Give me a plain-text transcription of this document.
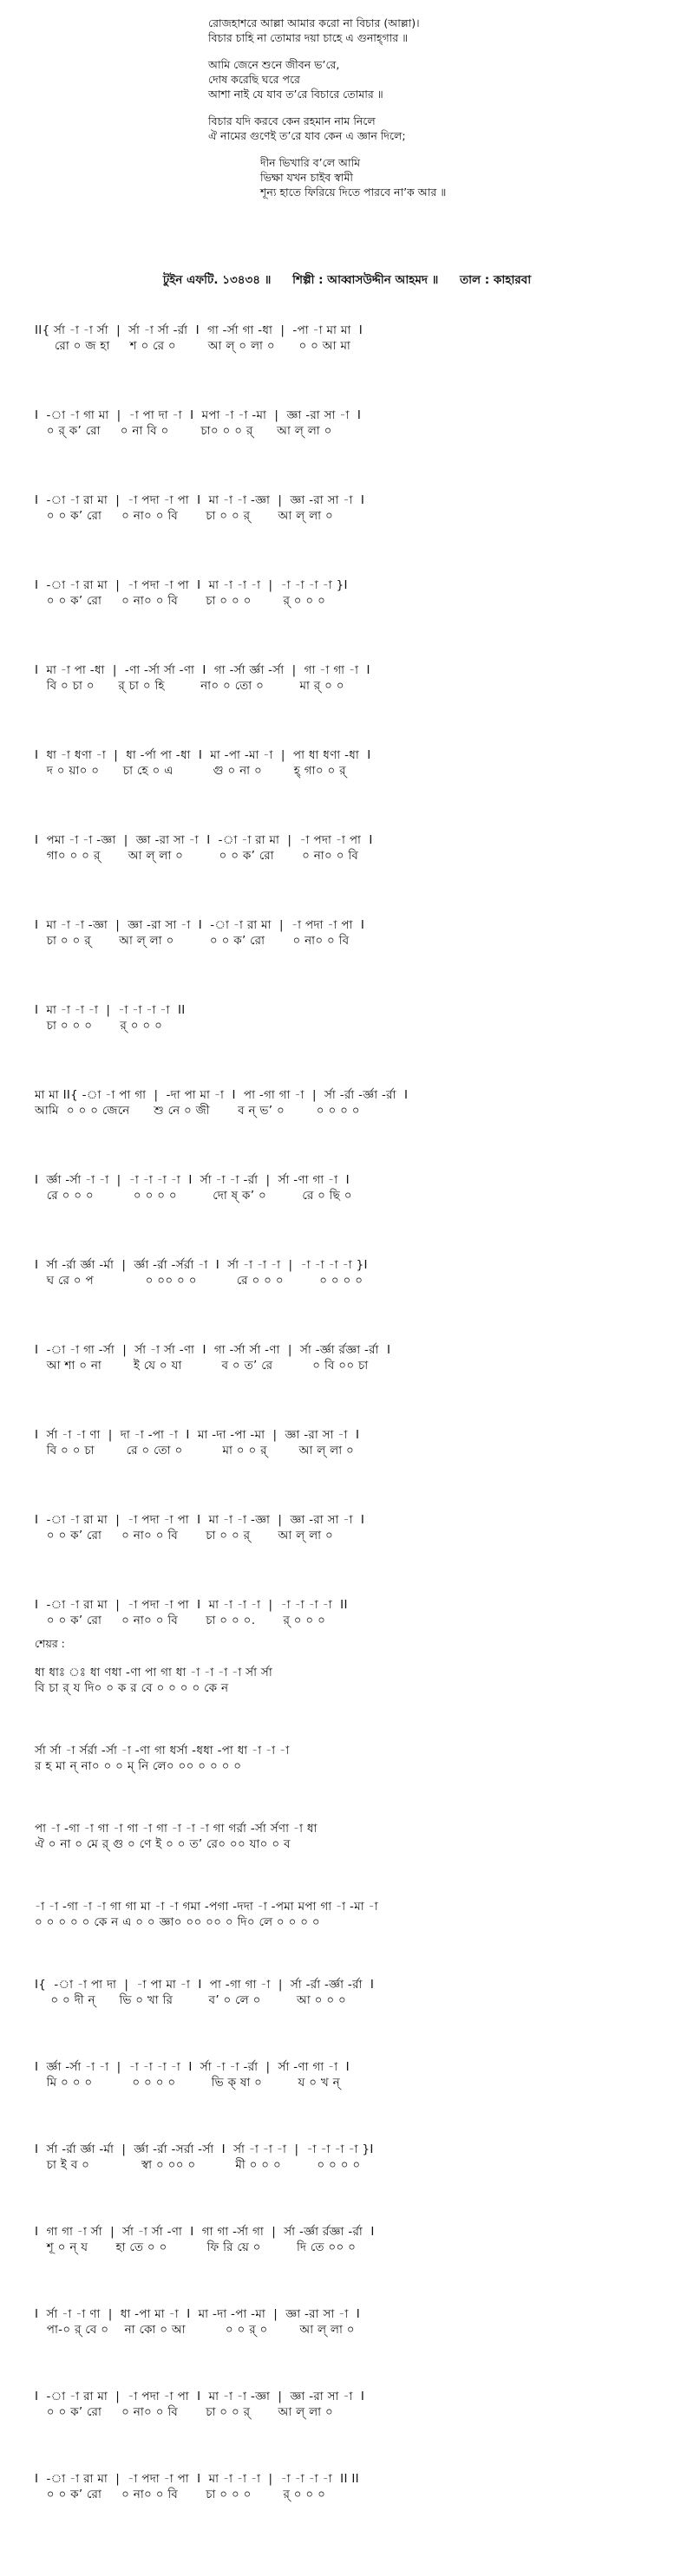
রোজহাশরে আল্লা আমার করো না বিচার (আল্লা)।
বিচার চাহি না তোমার দয়া চাহে এ গুনাহ্‌গার ॥
আমি জেনে শুনে জীবন ভ’রে,
দোষ করেছি ঘরে পরে
আশা নাই যে যাব ত’রে বিচারে তোমার ॥
বিচার যদি করবে কেন রহমান নাম নিলে
ঐ নামের গুণেই ত’রে যাব কেন এ জ্ঞান দিলে;
দীন ভিখারি ব’লে আমি
ভিক্ষা যখন চাইব স্বামী
শূন্য হাতে ফিরিয়ে দিতে পারবে না’ক আর ॥
টুইন এফটি. ১৩৪৩৪ ॥ শিল্পী : আব্বাসউদ্দীন আহমদ ॥ তাল : কাহারবা
II{ র্সা -া -া র্সা  |  র্সা -া র্সা -র্রা  I  গা -র্সা গা -ধা  |  -পা -া মা মা  I
রো ০ জ হা     শ ০ রে ০        আ ল্ ০ লা ০      ০ ০ আ মা
I  -া -া গা মা  |  -া পা দা -া  I  মপা -া -া -মা  |  জ্ঞা -রা সা -া  I
০ র্ ক’ রো     ০ না বি ০        চা০ ০ ০ র্      আ ল্ লা ০
I  -া -া রা মা  |  -া পদা -া পা  I  মা -া -া -জ্ঞা  |  জ্ঞা -রা সা -া  I
০ ০ ক’ রো     ০ না০ ০ বি       চা ০ ০ র্       আ ল্ লা ০
I  -া -া রা মা  |  -া পদা -া পা  I  মা -া -া -া  |  -া -া -া -া }I
০ ০ ক’ রো     ০ না০ ০ বি       চা ০ ০ ০        র্ ০ ০ ০
I  মা -া পা -ধা  |  -ণা -র্সা র্সা -ণা  I  গা -র্সা র্জ্ঞা -র্সা  |  গা -া গা -া  I
বি ০ চা ০      র্ চা ০ হি         না০ ০ তো ০         মা র্ ০ ০
I  ধা -া ধণা -া  |  ধা -র্পা পা -ধা  I  মা -পা -মা -া  |  পা ধা ধণা -ধা  I
দ ০ য়া০ ০      চা হে ০ এ          গু ০ না ০        হ্ গা০ ০ র্
I  পমা -া -া -জ্ঞা  |  জ্ঞা -রা সা -া  I  -া -া রা মা  |  -া পদা -া পা  I
গা০ ০ ০ র্       আ ল্ লা ০         ০ ০ ক’ রো       ০ না০ ০ বি
I  মা -া -া -জ্ঞা  |  জ্ঞা -রা সা -া  I  -া -া রা মা  |  -া পদা -া পা  I
চা ০ ০ র্       আ ল্ লা ০         ০ ০ ক’ রো       ০ না০ ০ বি
I  মা -া -া -া  |  -া -া -া -া  II
চা ০ ০ ০       র্ ০ ০ ০
মা মা II{ -া -া পা গা  |  -দা পা মা -া  I  পা -গা গা -া  |  র্সা -র্রা -র্জ্ঞা -র্রা  I
আমি  ০ ০ ০ জেনে      শু নে ০ জী       ব ন্ ভ’ ০        ০ ০ ০ ০
I  র্জ্ঞা -র্সা -া -া  |  -া -া -া -া  I  র্সা -া -া -র্রা  |  র্সা -ণা গা -া  I
রে ০ ০ ০          ০ ০ ০ ০         দো ষ্ ক’ ০         রে ০ ছি ০
I  র্সা -র্রা র্জ্ঞা -র্মা  |  র্জ্ঞা -র্রা -র্সর্রা -া  I  র্সা -া -া -া  |  -া -া -া -া }I
ঘ রে ০ প             ০ ০০ ০ ০          রে ০ ০ ০         ০ ০ ০ ০
I  -া -া গা -র্সা  |  র্সা -া র্সা -ণা  I  গা -র্সা র্সা -ণা  |  র্সা -র্জ্ঞা র্রজ্ঞা -র্রা  I
আ শা ০ না        ই যে ০ যা          ব ০ ত’ রে          ০ বি ০০ চা
I  র্সা -া -া ণা  |  দা -া -পা -া  I  মা -দা -পা -মা  |  জ্ঞা -রা সা -া  I
বি ০ ০ চা        রে ০ তো ০          মা ০ ০ র্        আ ল্ লা ০
I  -া -া রা মা  |  -া পদা -া পা  I  মা -া -া -জ্ঞা  |  জ্ঞা -রা সা -া  I
০ ০ ক’ রো     ০ না০ ০ বি       চা ০ ০ র্       আ ল্ লা ০
I  -া -া রা মা  |  -া পদা -া পা  I  মা -া -া -া  |  -া -া -া -া  II
০ ০ ক’ রো     ০ না০ ০ বি       চা ০ ০ ০.       র্ ০ ০ ০
ধা ধাঃ ঃ ধা ণধা -ণা পা গা ধা -া -া -া -া র্সা র্সা
বি চা র্ য দি০ ০ ক র বে ০ ০ ০ ০ কে ন
র্সা র্সা -া র্সর্রা -র্সা -া -ণা গা ধর্সা -ধধা -পা ধা -া -া -া
র হ মা ন্ না০ ০ ০ ম্ নি লে০ ০০ ০ ০ ০ ০
পা -া -গা -া গা -া গা -া গা -া -া -া গা গর্রা -র্সা র্সণা -া ধা
ঐ ০ না ০ মে র্ গু ০ ণে ই ০ ০ ত’ রে০ ০০ যা০ ০ ব
-া -া -গা -া -া গা গা মা -া -া গমা -পগা -দদা -া -পমা মপা গা -া -মা -া
০ ০ ০ ০ ০ কে ন এ ০ ০ জ্ঞা০ ০০ ০০ ০ দি০ লে ০ ০ ০ ০
I{  -া -া পা দা  |  -া পা মা -া  I  পা -গা গা -া  |  র্সা -র্রা -র্জ্ঞা -র্রা  I
০ ০ দী ন্      ভি ০ খা রি         ব’ ০ লে ০         আ ০ ০ ০
I  র্জ্ঞা -র্সা -া -া  |  -া -া -া -া  I  র্সা -া -া -র্রা  |  র্সা -ণা গা -া  I
মি ০ ০ ০          ০ ০ ০ ০         ভি ক্ ষা ০         য ০ খ ন্
I  র্সা -র্রা র্জ্ঞা -র্মা  |  র্জ্ঞা -র্রা -সর্রা -র্সা  I  র্সা -া -া -া  |  -া -া -া -া }I
চা ই ব ০             স্বা ০ ০০ ০          মী ০ ০ ০         ০ ০ ০ ০
I  গা গা -া র্সা  |  র্সা -া র্সা -ণা  I  গা গা -র্সা গা  |  র্সা -র্জ্ঞা র্রজ্ঞা -র্রা  I
শূ ০ ন্ য       হা তে ০ ০          ফি রি য়ে ০         দি তে ০০ ০
I  র্সা -া -া ণা  |  ধা -পা মা -া  I  মা -দা -পা -মা  |  জ্ঞা -রা সা -া  I
পা-০ র্ বে ০    না কো ০ আ          ০ ০ র্ ০        আ ল্ লা ০
I  -া -া রা মা  |  -া পদা -া পা  I  মা -া -া -জ্ঞা  |  জ্ঞা -রা সা -া  I
০ ০ ক’ রো     ০ না০ ০ বি       চা ০ ০ র্       আ ল্ লা ০
I  -া -া রা মা  |  -া পদা -া পা  I  মা -া -া -া  |  -া -া -া -া  II II
০ ০ ক’ রো     ০ না০ ০ বি       চা ০ ০ ০        র্ ০ ০ ০
শেয়র :
